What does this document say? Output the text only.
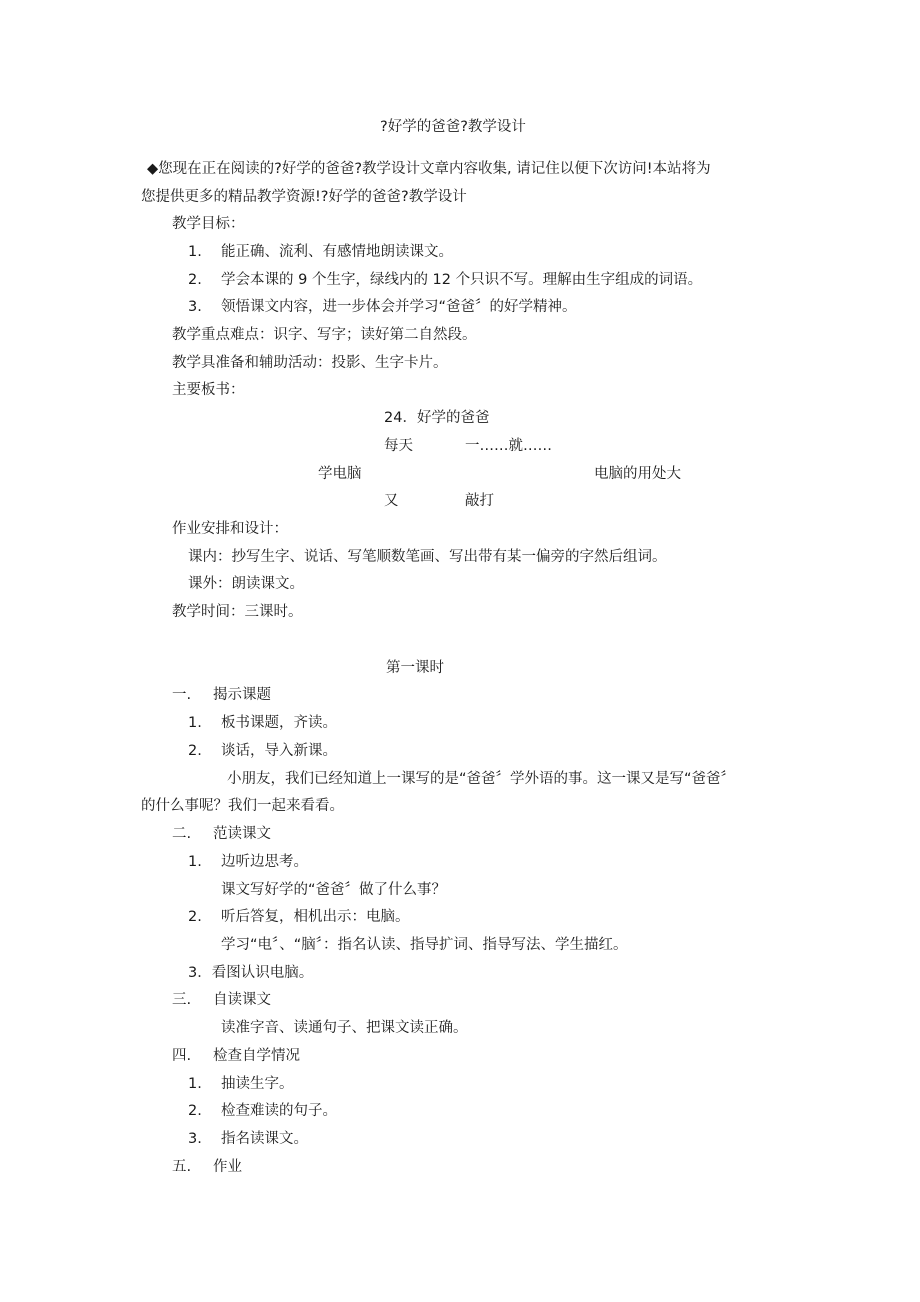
?好学的爸爸?教学设计
◆您现在正在阅读的?好学的爸爸?教学设计文章内容收集, 请记住以便下次访问!本站将为
您提供更多的精品教学资源!?好学的爸爸?教学设计
教学目标：
1. 能正确、流利、有感情地朗读课文。
2. 学会本课的 9 个生字，绿线内的 12 个只识不写。理解由生字组成的词语。
3. 领悟课文内容，进一步体会并学习“爸爸〞的好学精神。
教学重点难点：识字、写字；读好第二自然段。
教学具准备和辅助活动：投影、生字卡片。
主要板书：
24．好学的爸爸
每天	一……就……
学电脑	电脑的用处大
又	敲打
作业安排和设计：
课内：抄写生字、说话、写笔顺数笔画、写出带有某一偏旁的字然后组词。
课外：朗读课文。
教学时间：三课时。
第一课时
一. 揭示课题
1. 板书课题，齐读。
2. 谈话，导入新课。
小朋友，我们已经知道上一课写的是“爸爸〞学外语的事。这一课又是写“爸爸〞
的什么事呢？我们一起来看看。
二. 范读课文
1. 边听边思考。
课文写好学的“爸爸〞做了什么事？
2. 听后答复，相机出示：电脑。
学习“电〞、“脑〞：指名认读、指导扩词、指导写法、学生描红。
3．看图认识电脑。
三. 自读课文
读准字音、读通句子、把课文读正确。
四. 检查自学情况
1. 抽读生字。
2. 检查难读的句子。
3. 指名读课文。
五. 作业
